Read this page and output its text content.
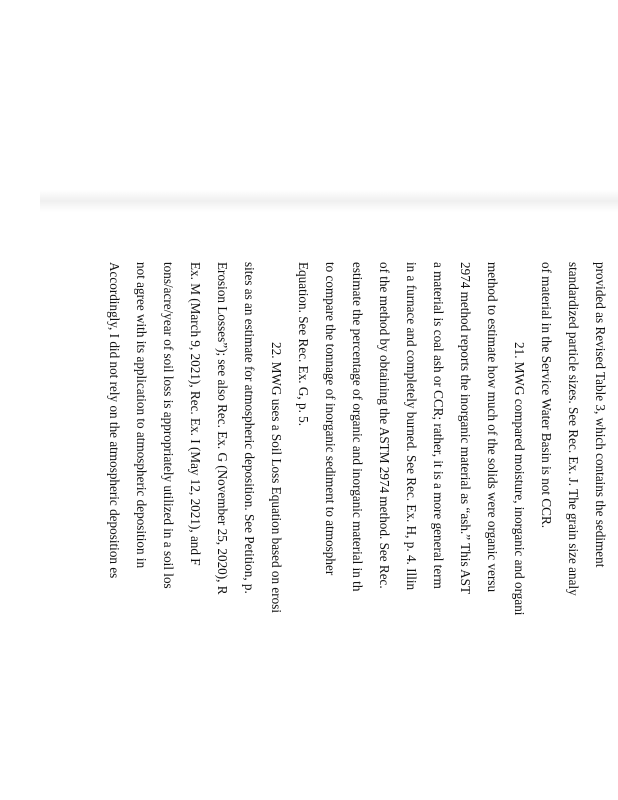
provided as Revised Table 3, which contains the sediment
standardized particle sizes. See Rec. Ex. J. The grain size analy
of material in the Service Water Basin is not CCR.
21. MWG compared moisture, inorganic and organi
method to estimate how much of the solids were organic versu
2974 method reports the inorganic material as “ash.” This AST
a material is coal ash or CCR; rather, it is a more general term
in a furnace and completely burned. See Rec. Ex. H, p. 4. Illin
of the method by obtaining the ASTM 2974 method. See Rec.
estimate the percentage of organic and inorganic material in th
to compare the tonnage of inorganic sediment to atmospher
Equation. See Rec. Ex. G, p. 5.
22. MWG uses a Soil Loss Equation based on erosi
sites as an estimate for atmospheric deposition. See Petition, p.
Erosion Losses”); see also Rec. Ex. G (November 25, 2020), R
Ex. M (March 9, 2021), Rec. Ex. I (May 12, 2021), and F
tons/acre/year of soil loss is appropriately utilized in a soil los
not agree with its application to atmospheric deposition in
Accordingly, I did not rely on the atmospheric deposition es
